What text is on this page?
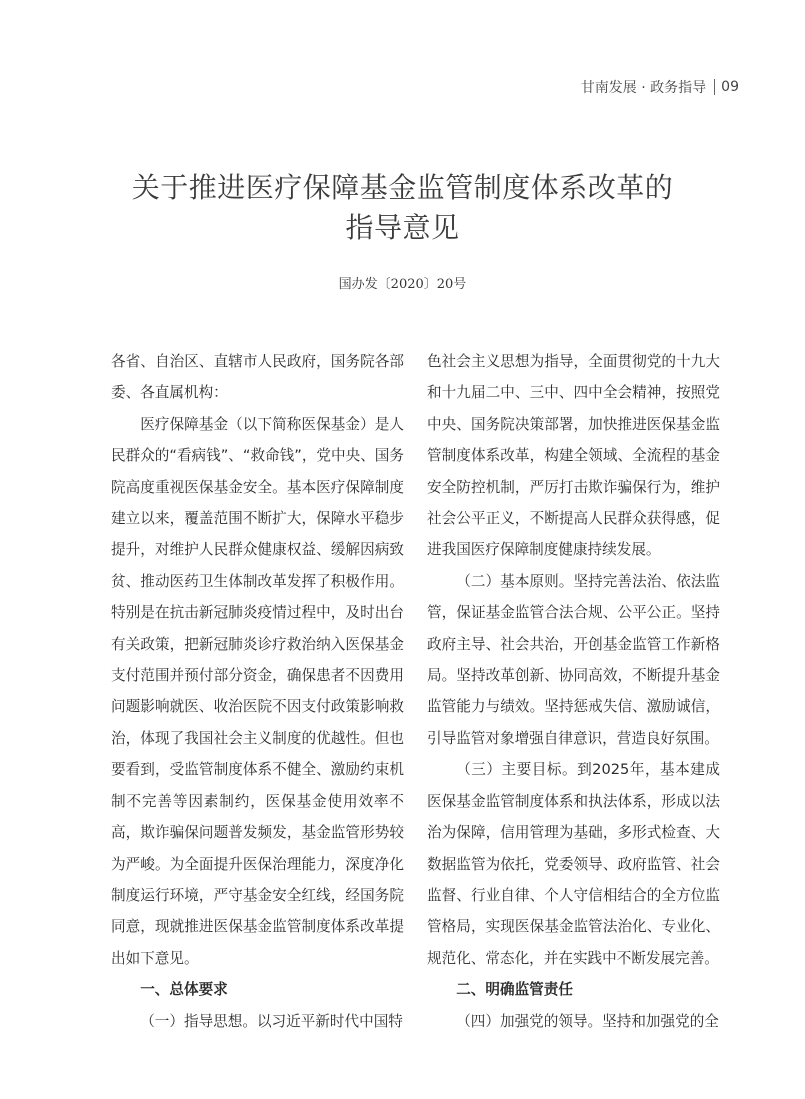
甘南发展 · 政务指导 09
关于推进医疗保障基金监管制度体系改革的
指导意见
国办发〔2020〕20号

各省、自治区、直辖市人民政府，国务院各部委、各直属机构：

医疗保障基金（以下简称医保基金）是人民群众的“看病钱”、“救命钱”，党中央、国务院高度重视医保基金安全。基本医疗保障制度建立以来，覆盖范围不断扩大，保障水平稳步提升，对维护人民群众健康权益、缓解因病致贫、推动医药卫生体制改革发挥了积极作用。特别是在抗击新冠肺炎疫情过程中，及时出台有关政策，把新冠肺炎诊疗救治纳入医保基金支付范围并预付部分资金，确保患者不因费用问题影响就医、收治医院不因支付政策影响救治，体现了我国社会主义制度的优越性。但也要看到，受监管制度体系不健全、激励约束机制不完善等因素制约，医保基金使用效率不高，欺诈骗保问题普发频发，基金监管形势较为严峻。为全面提升医保治理能力，深度净化制度运行环境，严守基金安全红线，经国务院同意，现就推进医保基金监管制度体系改革提出如下意见。

一、总体要求

（一）指导思想。以习近平新时代中国特

色社会主义思想为指导，全面贯彻党的十九大和十九届二中、三中、四中全会精神，按照党中央、国务院决策部署，加快推进医保基金监管制度体系改革，构建全领域、全流程的基金安全防控机制，严厉打击欺诈骗保行为，维护社会公平正义，不断提高人民群众获得感，促进我国医疗保障制度健康持续发展。

（二）基本原则。坚持完善法治、依法监管，保证基金监管合法合规、公平公正。坚持政府主导、社会共治，开创基金监管工作新格局。坚持改革创新、协同高效，不断提升基金监管能力与绩效。坚持惩戒失信、激励诚信，引导监管对象增强自律意识，营造良好氛围。

（三）主要目标。到2025年，基本建成医保基金监管制度体系和执法体系，形成以法治为保障，信用管理为基础，多形式检查、大数据监管为依托，党委领导、政府监管、社会监督、行业自律、个人守信相结合的全方位监管格局，实现医保基金监管法治化、专业化、规范化、常态化，并在实践中不断发展完善。

二、明确监管责任

（四）加强党的领导。坚持和加强党的全
